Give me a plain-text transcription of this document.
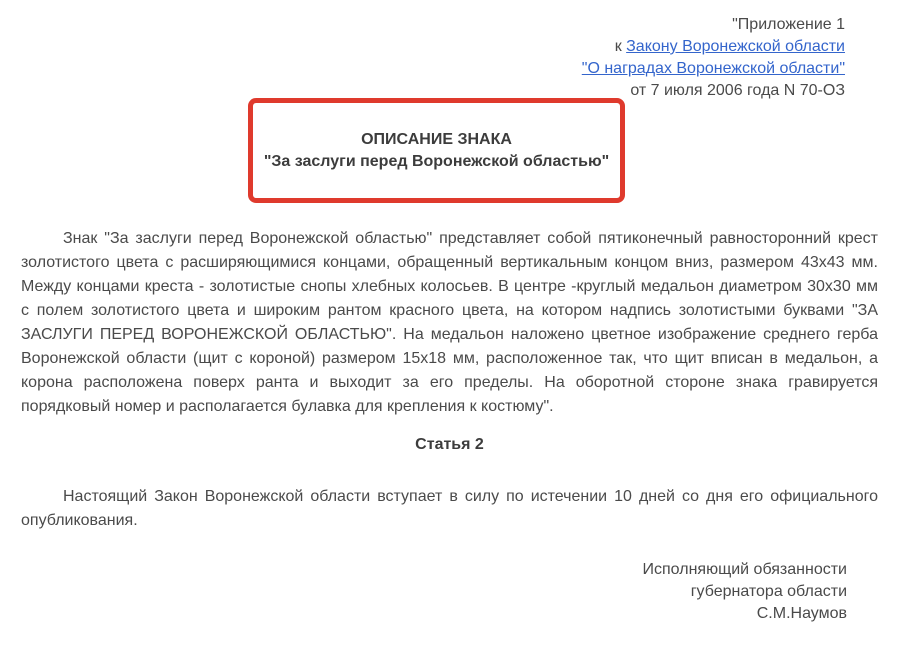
"Приложение 1
к Закону Воронежской области
"О наградах Воронежской области"
от 7 июля 2006 года N 70-ОЗ
ОПИСАНИЕ ЗНАКА
"За заслуги перед Воронежской областью"

Знак "За заслуги перед Воронежской областью" представляет собой пятиконечный равносторонний крест золотистого цвета с расширяющимися концами, обращенный вертикальным концом вниз, размером 43х43 мм. Между концами креста - золотистые снопы хлебных колосьев. В центре -круглый медальон диаметром 30х30 мм с полем золотистого цвета и широким рантом красного цвета, на котором надпись золотистыми буквами "ЗА ЗАСЛУГИ ПЕРЕД ВОРОНЕЖСКОЙ ОБЛАСТЬЮ". На медальон наложено цветное изображение среднего герба Воронежской области (щит с короной) размером 15х18 мм, расположенное так, что щит вписан в медальон, а корона расположена поверх ранта и выходит за его пределы. На оборотной стороне знака гравируется порядковый номер и располагается булавка для крепления к костюму".

Статья 2

Настоящий Закон Воронежской области вступает в силу по истечении 10 дней со дня его официального опубликования.

Исполняющий обязанности
губернатора области
С.М.Наумов
